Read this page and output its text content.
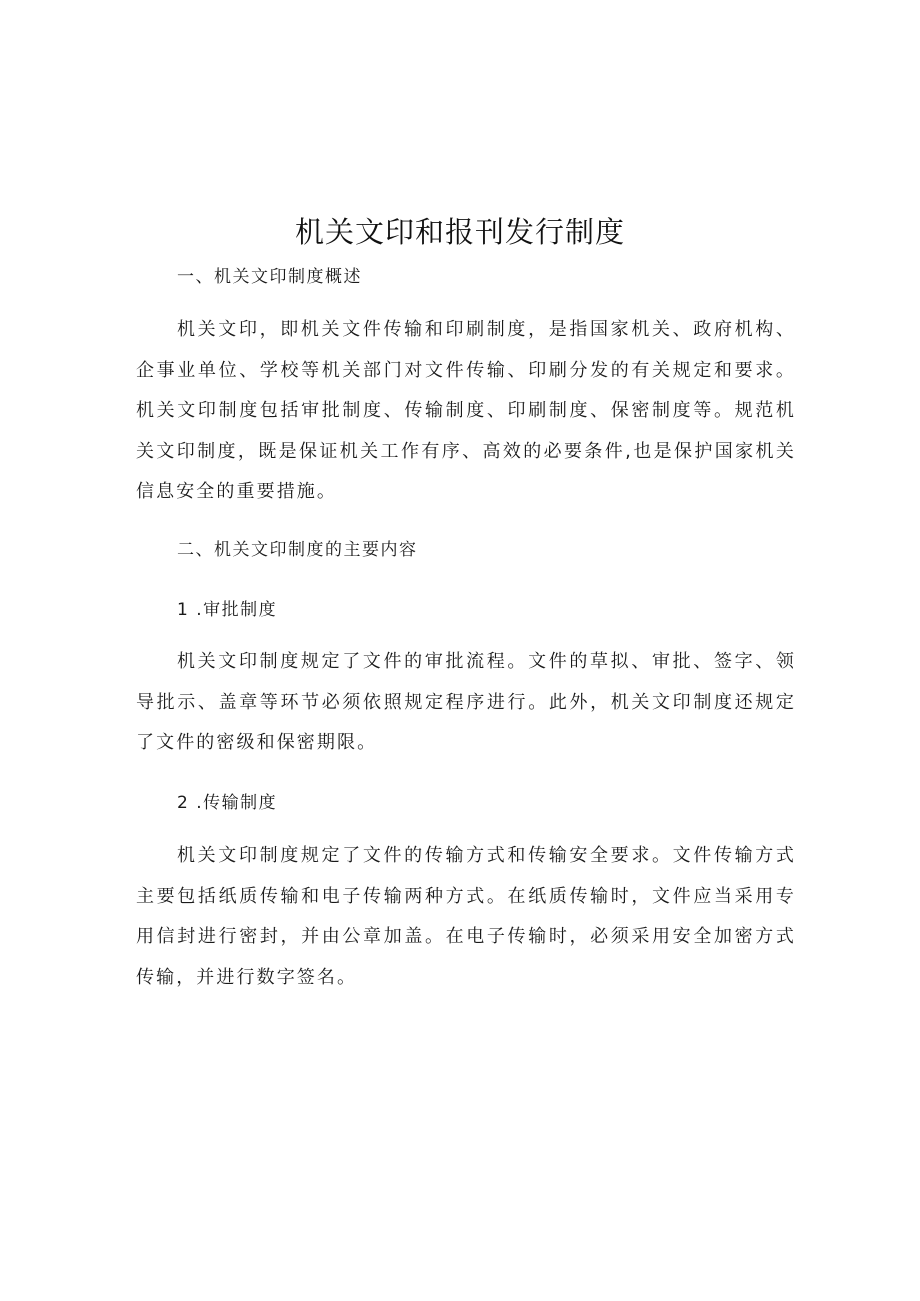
机关文印和报刊发行制度
一、机关文印制度概述

机关文印，即机关文件传输和印刷制度，是指国家机关、政府机构、企事业单位、学校等机关部门对文件传输、印刷分发的有关规定和要求。机关文印制度包括审批制度、传输制度、印刷制度、保密制度等。规范机关文印制度，既是保证机关工作有序、高效的必要条件,也是保护国家机关信息安全的重要措施。

二、机关文印制度的主要内容
1 .审批制度

机关文印制度规定了文件的审批流程。文件的草拟、审批、签字、领导批示、盖章等环节必须依照规定程序进行。此外，机关文印制度还规定了文件的密级和保密期限。

2 .传输制度

机关文印制度规定了文件的传输方式和传输安全要求。文件传输方式主要包括纸质传输和电子传输两种方式。在纸质传输时，文件应当采用专用信封进行密封，并由公章加盖。在电子传输时，必须采用安全加密方式传输，并进行数字签名。
